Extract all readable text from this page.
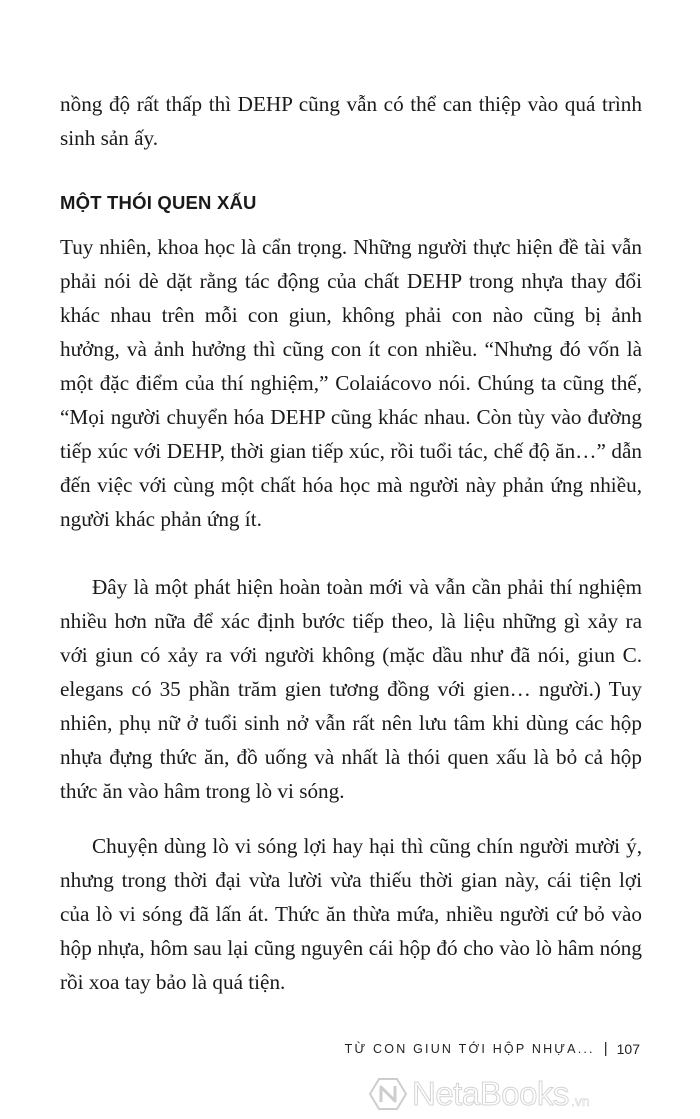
nồng độ rất thấp thì DEHP cũng vẫn có thể can thiệp vào quá trình sinh sản ấy.

MỘT THÓI QUEN XẤU

Tuy nhiên, khoa học là cẩn trọng. Những người thực hiện đề tài vẫn phải nói dè dặt rằng tác động của chất DEHP trong nhựa thay đổi khác nhau trên mỗi con giun, không phải con nào cũng bị ảnh hưởng, và ảnh hưởng thì cũng con ít con nhiều. “Nhưng đó vốn là một đặc điểm của thí nghiệm,” Colaiácovo nói. Chúng ta cũng thế, “Mọi người chuyển hóa DEHP cũng khác nhau. Còn tùy vào đường tiếp xúc với DEHP, thời gian tiếp xúc, rồi tuổi tác, chế độ ăn…” dẫn đến việc với cùng một chất hóa học mà người này phản ứng nhiều, người khác phản ứng ít.

Đây là một phát hiện hoàn toàn mới và vẫn cần phải thí nghiệm nhiều hơn nữa để xác định bước tiếp theo, là liệu những gì xảy ra với giun có xảy ra với người không (mặc dầu như đã nói, giun C. elegans có 35 phần trăm gien tương đồng với gien… người.) Tuy nhiên, phụ nữ ở tuổi sinh nở vẫn rất nên lưu tâm khi dùng các hộp nhựa đựng thức ăn, đồ uống và nhất là thói quen xấu là bỏ cả hộp thức ăn vào hâm trong lò vi sóng.

Chuyện dùng lò vi sóng lợi hay hại thì cũng chín người mười ý, nhưng trong thời đại vừa lười vừa thiếu thời gian này, cái tiện lợi của lò vi sóng đã lấn át. Thức ăn thừa mứa, nhiều người cứ bỏ vào hộp nhựa, hôm sau lại cũng nguyên cái hộp đó cho vào lò hâm nóng rồi xoa tay bảo là quá tiện.

TỪ CON GIUN TỚI HỘP NHỰA... | 107
NetaBooks .vn
